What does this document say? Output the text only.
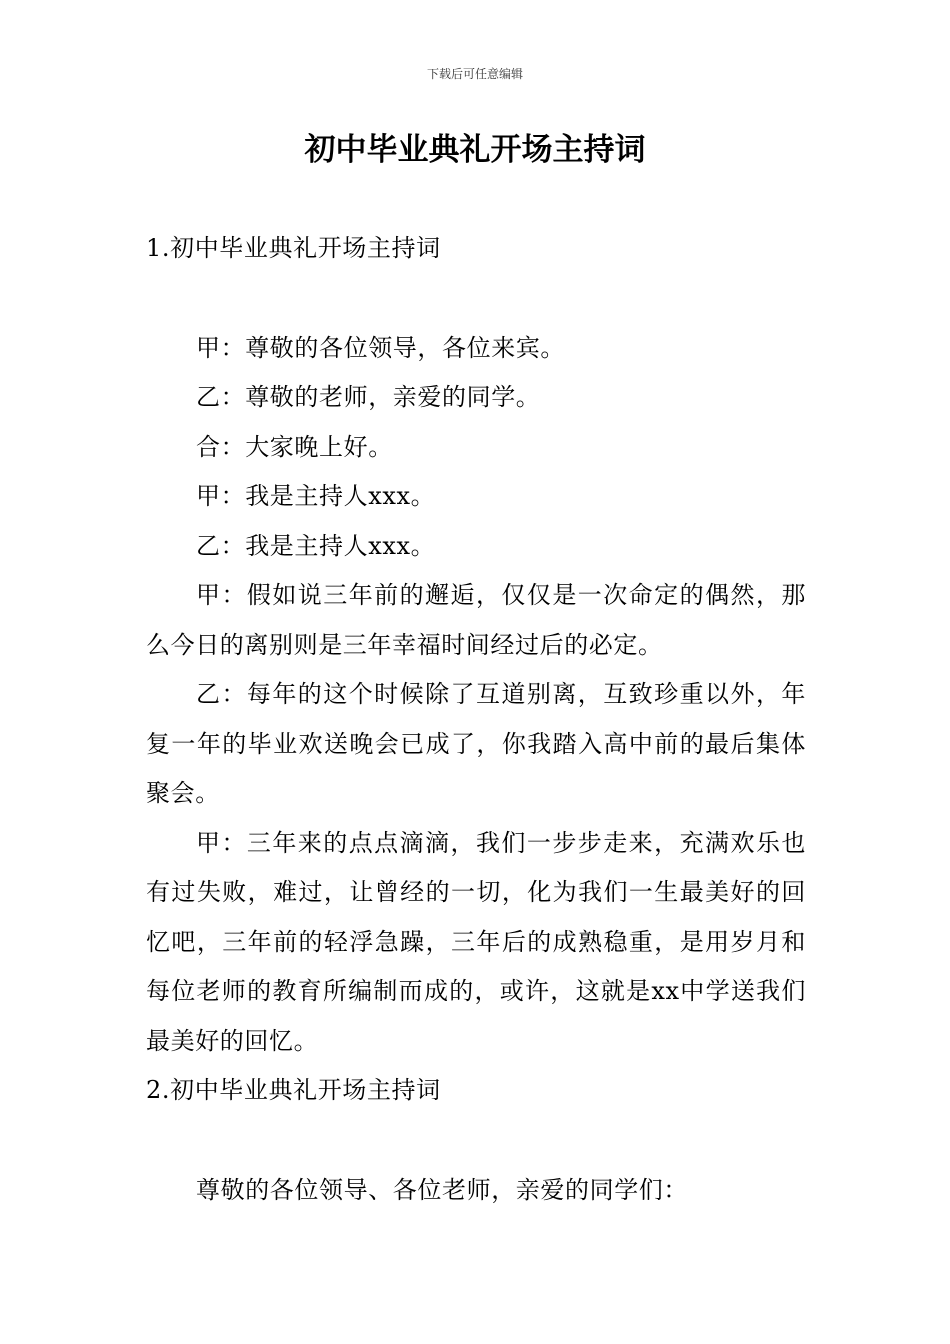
下载后可任意编辑
初中毕业典礼开场主持词

1.初中毕业典礼开场主持词

甲：尊敬的各位领导，各位来宾。

乙：尊敬的老师，亲爱的同学。

合：大家晚上好。

甲：我是主持人xxx。

乙：我是主持人xxx。

甲：假如说三年前的邂逅，仅仅是一次命定的偶然，那么今日的离别则是三年幸福时间经过后的必定。

乙：每年的这个时候除了互道别离，互致珍重以外，年复一年的毕业欢送晚会已成了，你我踏入高中前的最后集体聚会。

甲：三年来的点点滴滴，我们一步步走来，充满欢乐也有过失败，难过，让曾经的一切，化为我们一生最美好的回忆吧，三年前的轻浮急躁，三年后的成熟稳重，是用岁月和每位老师的教育所编制而成的，或许，这就是xx中学送我们最美好的回忆。

2.初中毕业典礼开场主持词

尊敬的各位领导、各位老师，亲爱的同学们：
